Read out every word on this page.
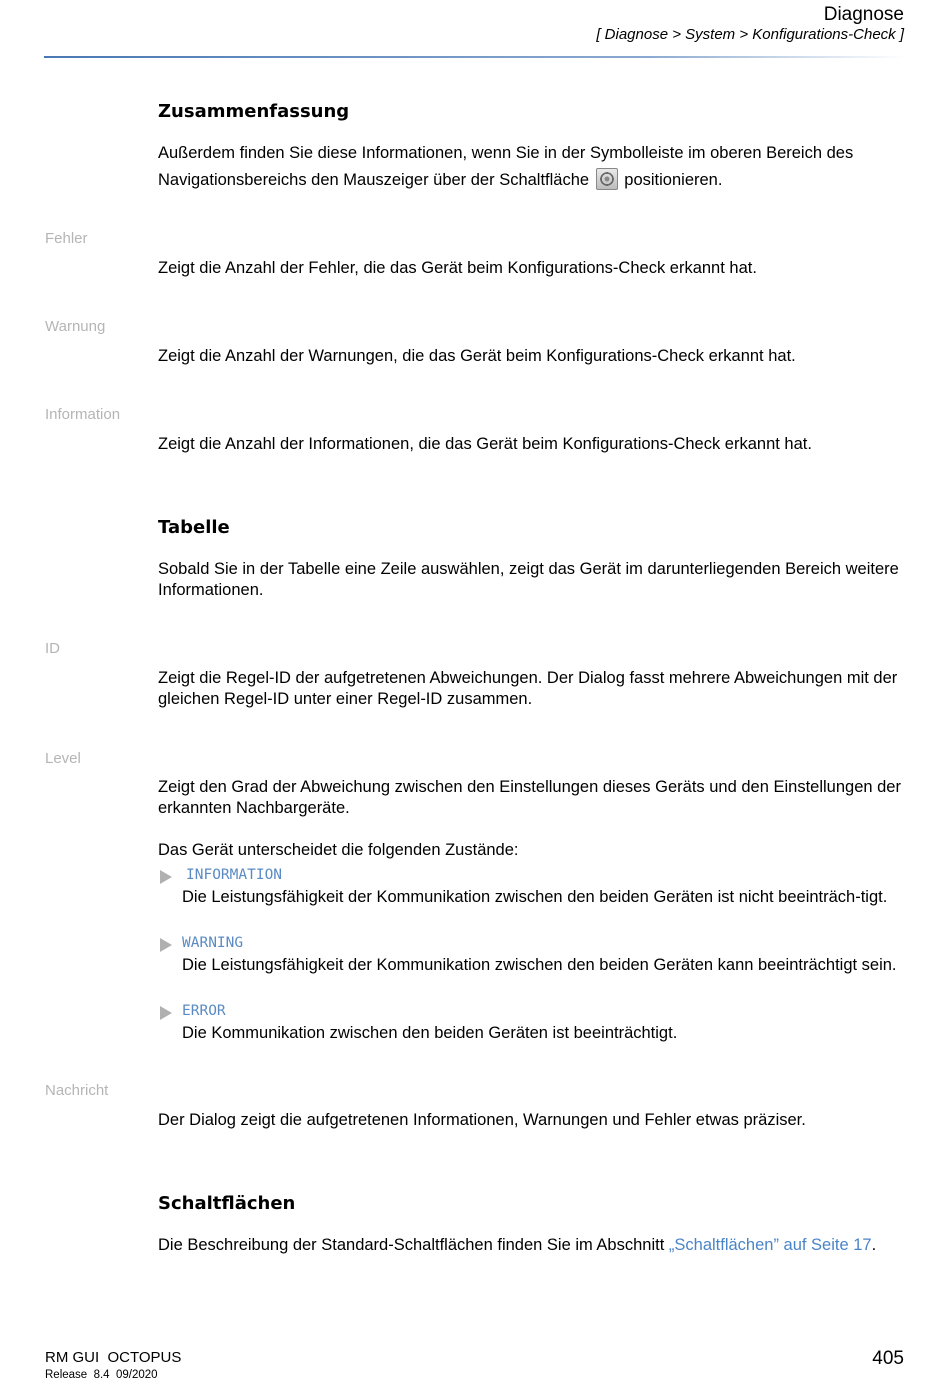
Diagnose
[ Diagnose > System > Konfigurations-Check ]
Zusammenfassung
Außerdem finden Sie diese Informationen, wenn Sie in der Symbolleiste im oberen Bereich des Navigationsbereichs den Mauszeiger über der Schaltfläche positionieren.
Fehler
Zeigt die Anzahl der Fehler, die das Gerät beim Konfigurations-Check erkannt hat.
Warnung
Zeigt die Anzahl der Warnungen, die das Gerät beim Konfigurations-Check erkannt hat.
Information
Zeigt die Anzahl der Informationen, die das Gerät beim Konfigurations-Check erkannt hat.
Tabelle
Sobald Sie in der Tabelle eine Zeile auswählen, zeigt das Gerät im darunterliegenden Bereich weitere Informationen.
ID
Zeigt die Regel-ID der aufgetretenen Abweichungen. Der Dialog fasst mehrere Abweichungen mit der gleichen Regel-ID unter einer Regel-ID zusammen.
Level
Zeigt den Grad der Abweichung zwischen den Einstellungen dieses Geräts und den Einstellungen der erkannten Nachbargeräte.
Das Gerät unterscheidet die folgenden Zustände:
INFORMATION
Die Leistungsfähigkeit der Kommunikation zwischen den beiden Geräten ist nicht beeinträch-tigt.
WARNING
Die Leistungsfähigkeit der Kommunikation zwischen den beiden Geräten kann beeinträchtigt sein.
ERROR
Die Kommunikation zwischen den beiden Geräten ist beeinträchtigt.
Nachricht
Der Dialog zeigt die aufgetretenen Informationen, Warnungen und Fehler etwas präziser.
Schaltflächen
Die Beschreibung der Standard-Schaltflächen finden Sie im Abschnitt „Schaltflächen” auf Seite 17.
RM GUI  OCTOPUS
Release  8.4  09/2020
405
